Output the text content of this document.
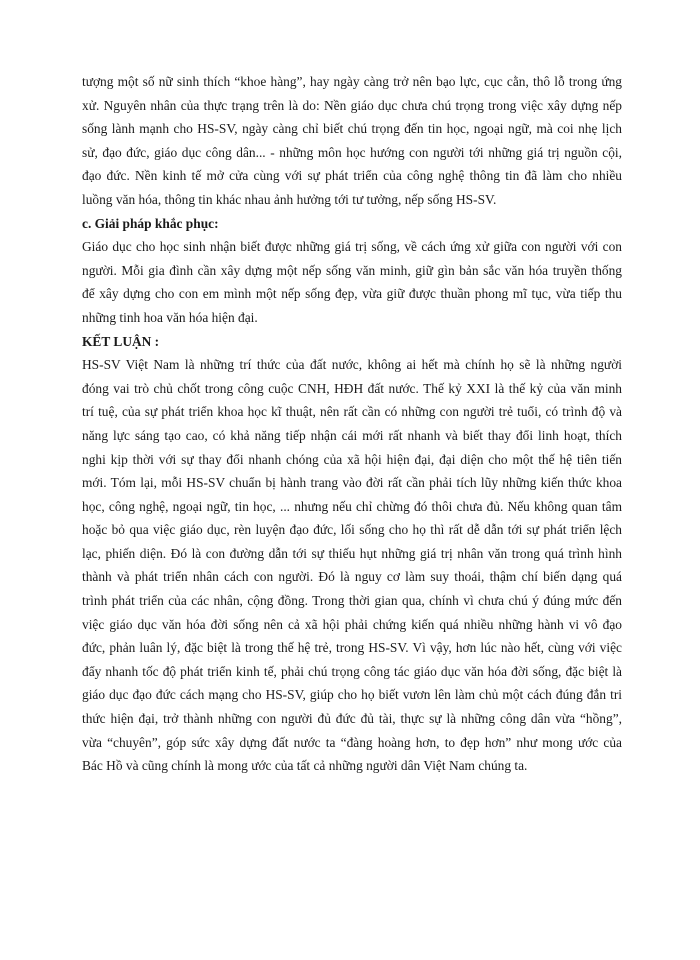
tượng một số nữ sinh thích “khoe hàng”, hay ngày càng trở nên bạo lực, cục cằn, thô lỗ trong ứng
xử. Nguyên nhân của thực trạng trên là do: Nền giáo dục chưa chú trọng trong việc xây dựng nếp
sống lành mạnh cho HS-SV, ngày càng chỉ biết chú trọng đến tin học, ngoại ngữ, mà coi nhẹ lịch
sử, đạo đức, giáo dục công dân... - những môn học hướng con người tới những giá trị nguồn cội,
đạo đức. Nền kinh tế mở cửa cùng với sự phát triển của công nghệ thông tin đã làm cho nhiều
luồng văn hóa, thông tin khác nhau ảnh hưởng tới tư tưởng, nếp sống HS-SV.
c. Giải pháp khắc phục:
Giáo dục cho học sinh nhận biết được những giá trị sống, về cách ứng xử giữa con người với con
người. Mỗi gia đình cần xây dựng một nếp sống văn minh, giữ gìn bản sắc văn hóa truyền thống
để xây dựng cho con em mình một nếp sống đẹp, vừa giữ được thuần phong mĩ tục, vừa tiếp thu
những tinh hoa văn hóa hiện đại.
KẾT LUẬN :
HS-SV Việt Nam là những trí thức của đất nước, không ai hết mà chính họ sẽ là những người
đóng vai trò chủ chốt trong công cuộc CNH, HĐH đất nước. Thế kỷ XXI là thế kỷ của văn minh
trí tuệ, của sự phát triển khoa học kĩ thuật, nên rất cần có những con người trẻ tuổi, có trình độ và
năng lực sáng tạo cao, có khả năng tiếp nhận cái mới rất nhanh và biết thay đổi linh hoạt, thích
nghi kịp thời với sự thay đổi nhanh chóng của xã hội hiện đại, đại diện cho một thế hệ tiên tiến
mới. Tóm lại, mỗi HS-SV chuẩn bị hành trang vào đời rất cần phải tích lũy những kiến thức khoa
học, công nghệ, ngoại ngữ, tin học, ... nhưng nếu chỉ chừng đó thôi chưa đủ. Nếu không quan tâm
hoặc bỏ qua việc giáo dục, rèn luyện đạo đức, lối sống cho họ thì rất dễ dẫn tới sự phát triển lệch
lạc, phiến diện. Đó là con đường dẫn tới sự thiếu hụt những giá trị nhân văn trong quá trình hình
thành và phát triển nhân cách con người. Đó là nguy cơ làm suy thoái, thậm chí biến dạng quá
trình phát triển của các nhân, cộng đồng. Trong thời gian qua, chính vì chưa chú ý đúng mức đến
việc giáo dục văn hóa đời sống nên cả xã hội phải chứng kiến quá nhiều những hành vi vô đạo
đức, phản luân lý, đặc biệt là trong thế hệ trẻ, trong HS-SV. Vì vậy, hơn lúc nào hết, cùng với việc
đẩy nhanh tốc độ phát triển kinh tế, phải chú trọng công tác giáo dục văn hóa đời sống, đặc biệt là
giáo dục đạo đức cách mạng cho HS-SV, giúp cho họ biết vươn lên làm chủ một cách đúng đắn tri
thức hiện đại, trở thành những con người đủ đức đủ tài, thực sự là những công dân vừa “hồng”,
vừa “chuyên”, góp sức xây dựng đất nước ta “đàng hoàng hơn, to đẹp hơn” như mong ước của
Bác Hồ và cũng chính là mong ước của tất cả những người dân Việt Nam chúng ta.
